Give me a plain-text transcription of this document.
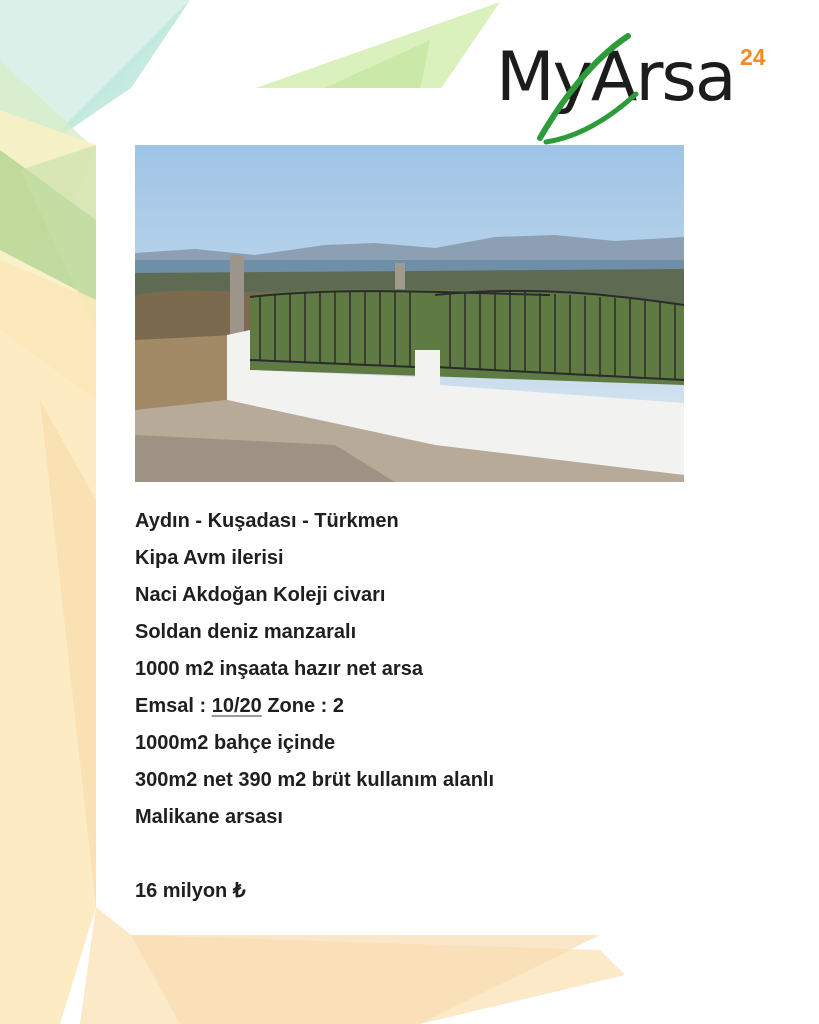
MyArsa 24
Aydın - Kuşadası - Türkmen
Kipa Avm ilerisi
Naci Akdoğan Koleji civarı
Soldan deniz manzaralı
1000 m2 inşaata hazır net arsa
Emsal : 10/20 Zone : 2
1000m2 bahçe içinde
300m2 net 390 m2 brüt kullanım alanlı
Malikane arsası
16 milyon ₺
